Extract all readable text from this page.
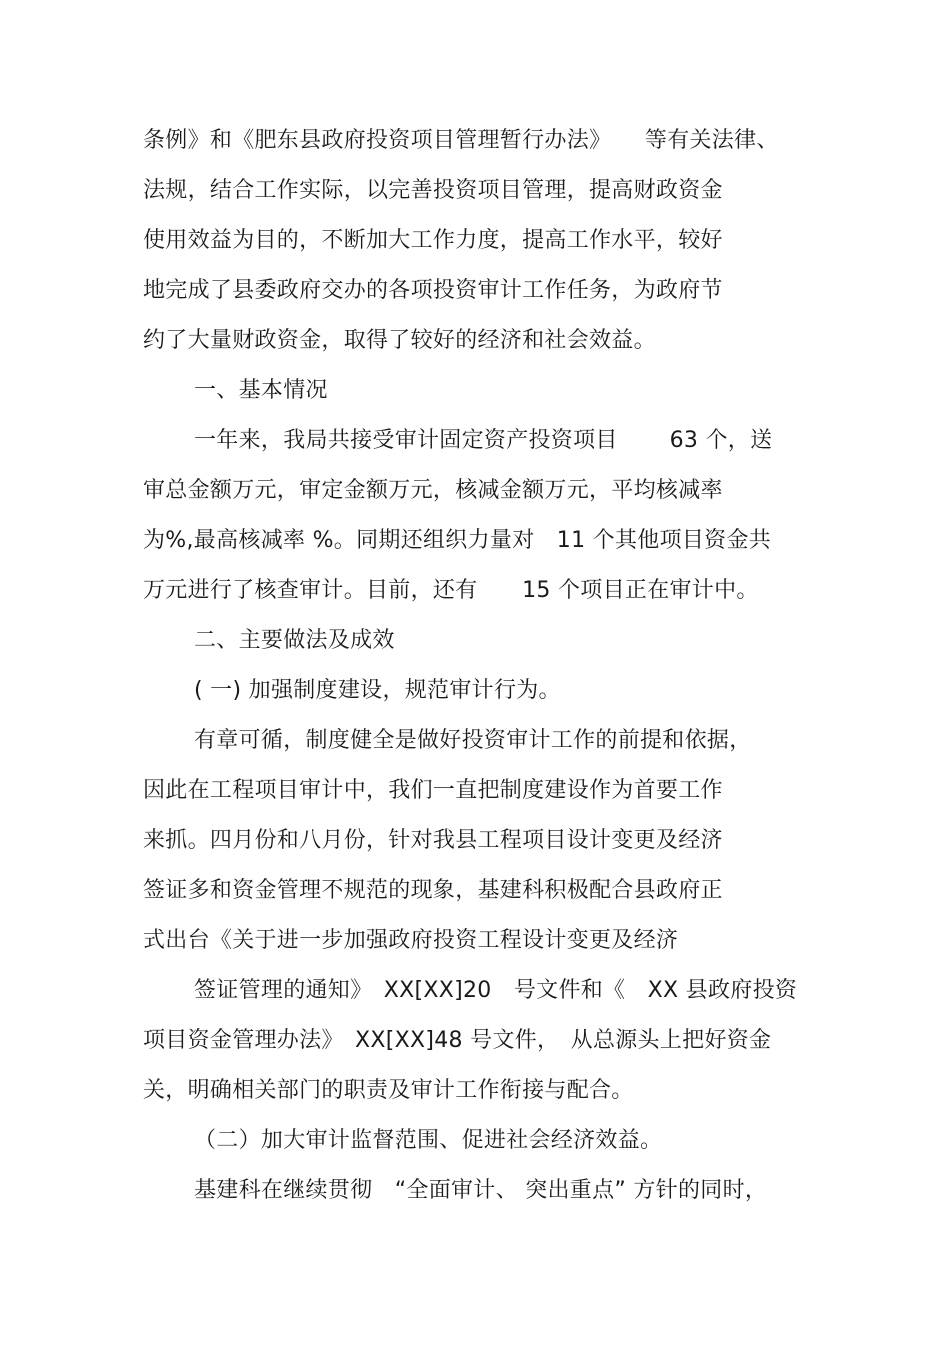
条例》和《肥东县政府投资项目管理暂行办法》　　等有关法律、

法规，结合工作实际，以完善投资项目管理，提高财政资金

使用效益为目的，不断加大工作力度，提高工作水平，较好

地完成了县委政府交办的各项投资审计工作任务，为政府节

约了大量财政资金，取得了较好的经济和社会效益。

一、基本情况

一年来，我局共接受审计固定资产投资项目　　 63 个，送

审总金额万元，审定金额万元，核减金额万元，平均核减率

为%,最高核减率 %。同期还组织力量对　11 个其他项目资金共

万元进行了核查审计。目前，还有　　15 个项目正在审计中。

二、主要做法及成效

( 一) 加强制度建设，规范审计行为。

有章可循，制度健全是做好投资审计工作的前提和依据，

因此在工程项目审计中，我们一直把制度建设作为首要工作

来抓。四月份和八月份，针对我县工程项目设计变更及经济

签证多和资金管理不规范的现象，基建科积极配合县政府正

式出台《关于进一步加强政府投资工程设计变更及经济

签证管理的通知》　XX[XX]20　号文件和《　XX 县政府投资

项目资金管理办法》　XX[XX]48 号文件，　从总源头上把好资金

关，明确相关部门的职责及审计工作衔接与配合。

（二）加大审计监督范围、促进社会经济效益。

基建科在继续贯彻　“全面审计、 突出重点” 方针的同时，
